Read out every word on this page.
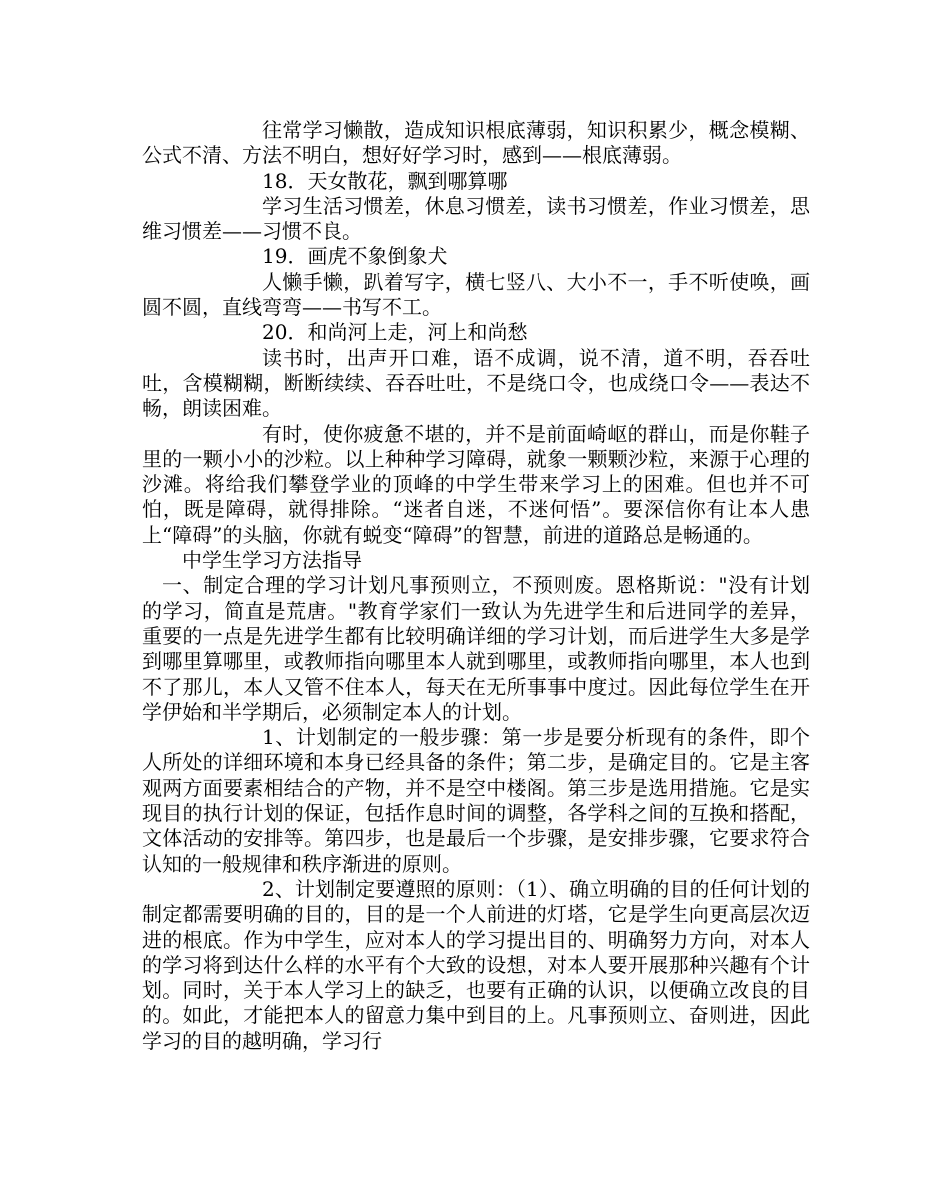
往常学习懒散，造成知识根底薄弱，知识积累少，概念模糊、公式不清、方法不明白，想好好学习时，感到——根底薄弱。

18．天女散花，飘到哪算哪

学习生活习惯差，休息习惯差，读书习惯差，作业习惯差，思维习惯差——习惯不良。

19．画虎不象倒象犬

人懒手懒，趴着写字，横七竖八、大小不一，手不听使唤，画圆不圆，直线弯弯——书写不工。

20．和尚河上走，河上和尚愁

读书时，出声开口难，语不成调，说不清，道不明，吞吞吐吐，含模糊糊，断断续续、吞吞吐吐，不是绕口令，也成绕口令——表达不畅，朗读困难。

有时，使你疲惫不堪的，并不是前面崎岖的群山，而是你鞋子里的一颗小小的沙粒。以上种种学习障碍，就象一颗颗沙粒，来源于心理的沙滩。将给我们攀登学业的顶峰的中学生带来学习上的困难。但也并不可怕，既是障碍，就得排除。“迷者自迷，不迷何悟”。要深信你有让本人患上“障碍”的头脑，你就有蜕变“障碍”的智慧，前进的道路总是畅通的。

中学生学习方法指导

一、制定合理的学习计划凡事预则立，不预则废。恩格斯说："没有计划的学习，简直是荒唐。"教育学家们一致认为先进学生和后进同学的差异，重要的一点是先进学生都有比较明确详细的学习计划，而后进学生大多是学到哪里算哪里，或教师指向哪里本人就到哪里，或教师指向哪里，本人也到不了那儿，本人又管不住本人，每天在无所事事中度过。因此每位学生在开学伊始和半学期后，必须制定本人的计划。

1、计划制定的一般步骤：第一步是要分析现有的条件，即个人所处的详细环境和本身已经具备的条件；第二步，是确定目的。它是主客观两方面要素相结合的产物，并不是空中楼阁。第三步是选用措施。它是实现目的执行计划的保证，包括作息时间的调整，各学科之间的互换和搭配，文体活动的安排等。第四步，也是最后一个步骤，是安排步骤，它要求符合认知的一般规律和秩序渐进的原则。

2、计划制定要遵照的原则：（1）、确立明确的目的任何计划的制定都需要明确的目的，目的是一个人前进的灯塔，它是学生向更高层次迈进的根底。作为中学生，应对本人的学习提出目的、明确努力方向，对本人的学习将到达什么样的水平有个大致的设想，对本人要开展那种兴趣有个计划。同时，关于本人学习上的缺乏，也要有正确的认识，以便确立改良的目的。如此，才能把本人的留意力集中到目的上。凡事预则立、奋则进，因此学习的目的越明确，学习行
